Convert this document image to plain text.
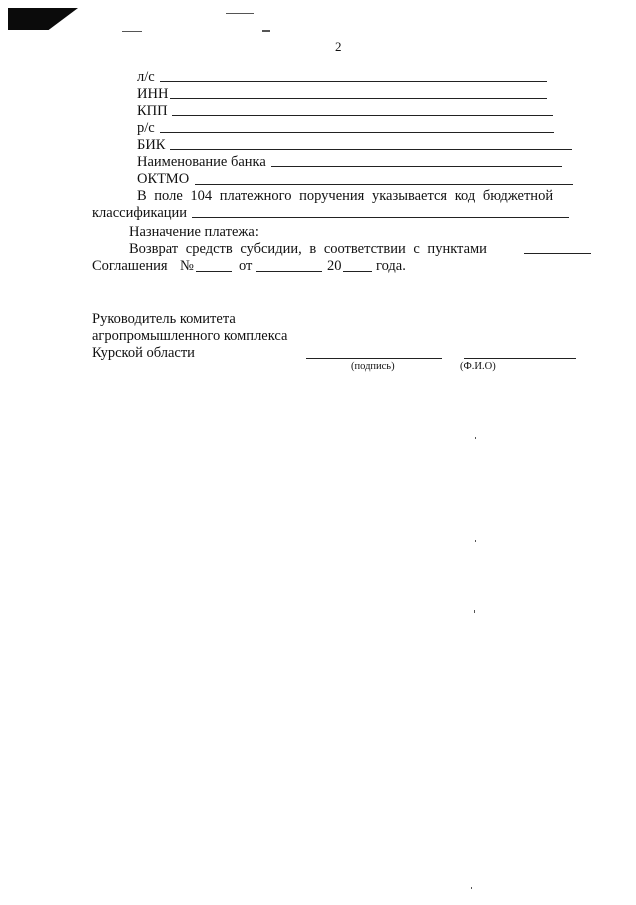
2
л/с
ИНН
КПП
р/с
БИК
Наименование банка
ОКТМО
В поле 104 платежного поручения указывается код бюджетной
классификации
Назначение платежа:
Возврат средств субсидии, в соответствии с пунктами
Соглашения №	от	20 года.
Руководитель комитета
агропромышленного комплекса
Курской области
(подпись)	(Ф.И.О)
